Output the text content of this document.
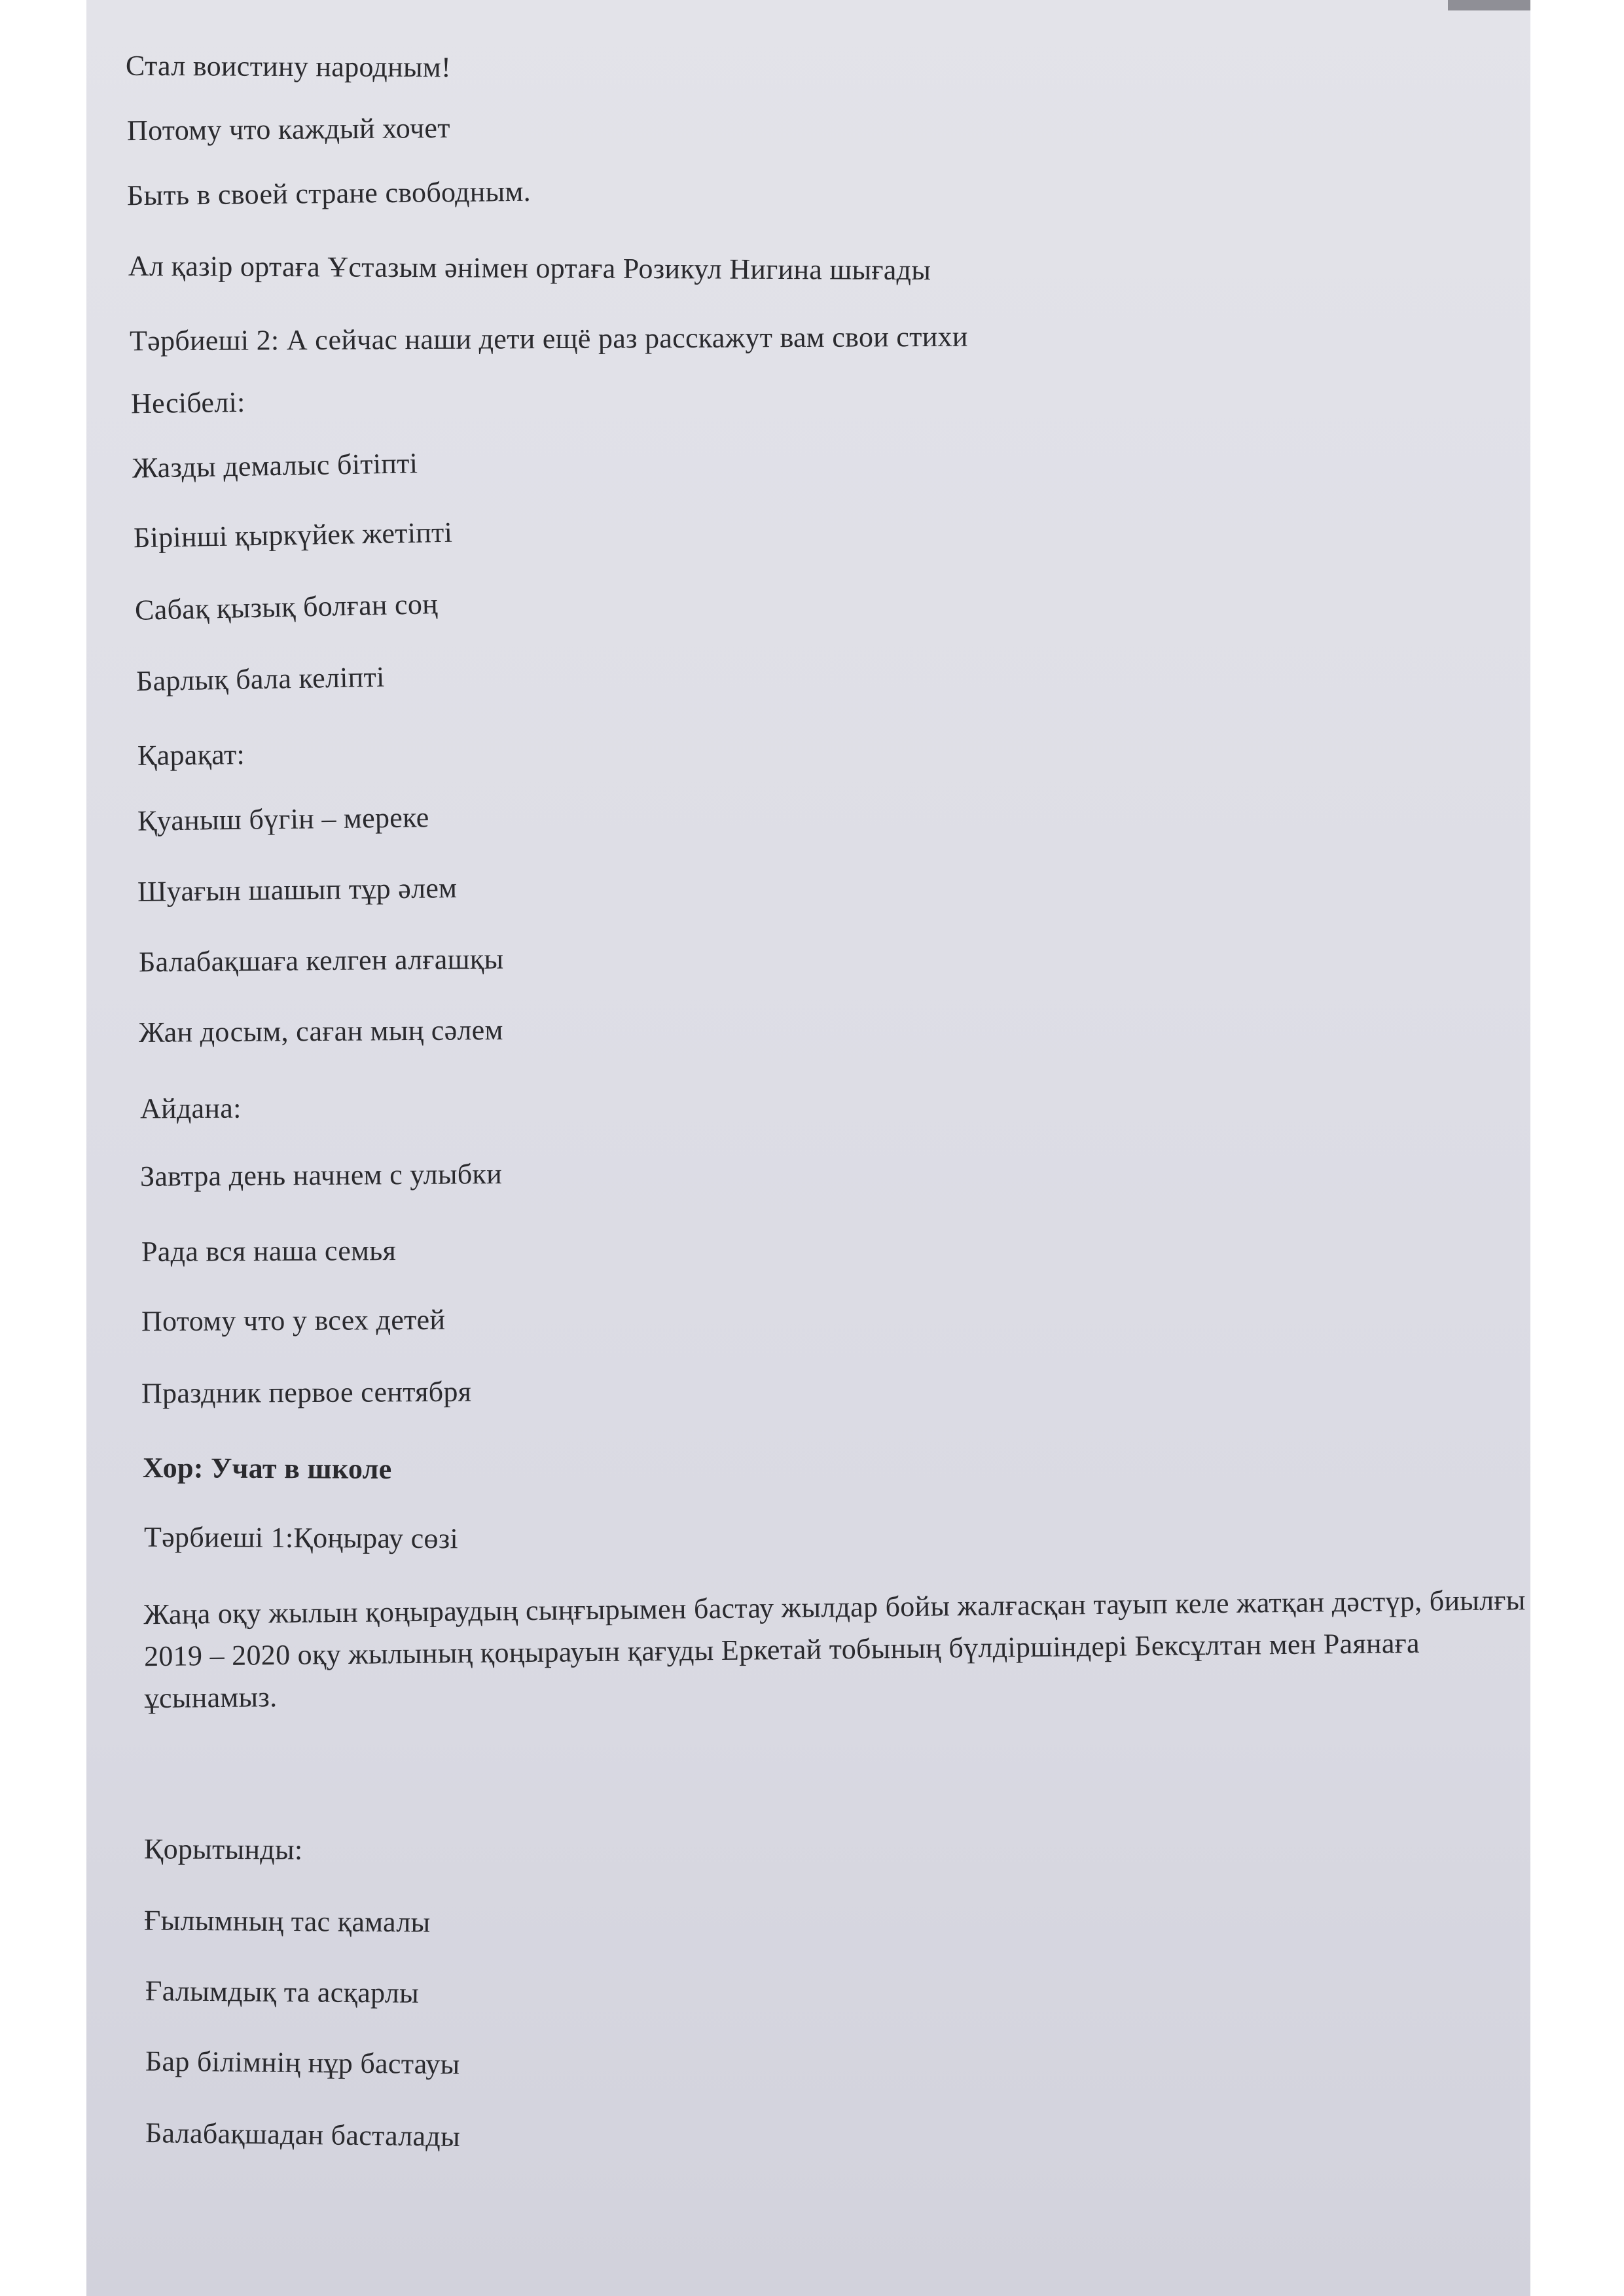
Стал воистину народным!
Потому что каждый хочет
Быть в своей стране свободным.
Ал қазір ортаға Ұстазым әнімен ортаға Розикул Нигина шығады
Тәрбиеші 2: А сейчас наши дети ещё раз расскажут вам свои стихи
Несібелі:
Жазды демалыс бітіпті
Бірінші қыркүйек жетіпті
Сабақ қызық болған соң
Барлық бала келіпті
Қарақат:
Қуаныш бүгін – мереке
Шуағын шашып тұр әлем
Балабақшаға келген алғашқы
Жан досым, саған мың сәлем
Айдана:
Завтра день начнем с улыбки
Рада вся наша семья
Потому что у всех детей
Праздник первое сентября
Хор: Учат в школе
Тәрбиеші 1:Қоңырау сөзі
Жаңа оқу жылын қоңыраудың сыңғырымен бастау жылдар бойы жалғасқан тауып келе жатқан дәстүр, биылғы 2019 – 2020 оқу жылының қоңырауын қағуды Еркетай тобының бүлдіршіндері Бексұлтан мен Раянаға ұсынамыз.
Қорытынды:
Ғылымның тас қамалы
Ғалымдық та асқарлы
Бар білімнің нұр бастауы
Балабақшадан басталады
